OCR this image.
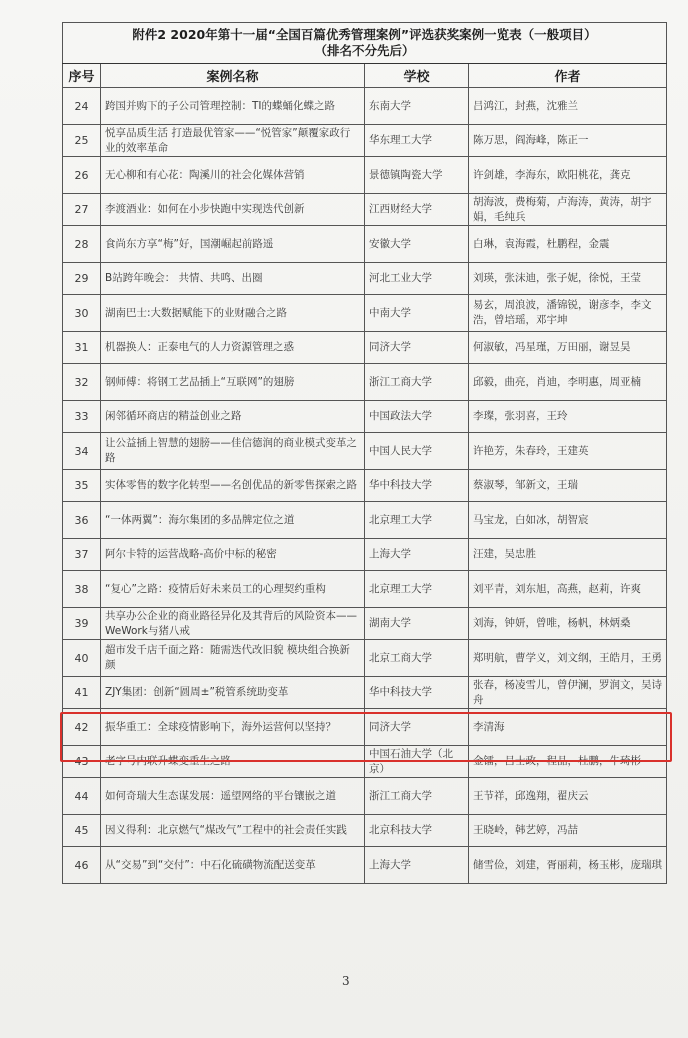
附件2 2020年第十一届“全国百篇优秀管理案例”评选获奖案例一览表（一般项目）
（排名不分先后）			

序号	案例名称	学校	作者
24	跨国并购下的子公司管理控制：TI的蝶蛹化蝶之路	东南大学	吕鸿江，封燕，沈雅兰
25	悦享品质生活 打造最优管家——“悦管家”颠覆家政行业的效率革命	华东理工大学	陈万思，阎海峰，陈正一
26	无心柳和有心花：陶溪川的社会化媒体营销	景德镇陶瓷大学	许剑雄，李海东，欧阳桃花，龚克
27	李渡酒业：如何在小步快跑中实现迭代创新	江西财经大学	胡海波，费梅菊，卢海涛，黄涛，胡宇娟，毛纯兵
28	食尚东方享“梅”好，国潮崛起前路遥	安徽大学	白琳，袁海霞，杜鹏程，金震
29	B站跨年晚会： 共情、共鸣、出圈	河北工业大学	刘瑛，张沫迪，张子妮，徐悦，王莹
30	湖南巴士:大数据赋能下的业财融合之路	中南大学	易玄，周浪波，潘锦锐，谢彦李，李文浩，曾培瑶，邓宇坤
31	机器换人：正泰电气的人力资源管理之惑	同济大学	何淑敏，冯星瑾，万田丽，谢昱昊
32	钢师傅：将钢工艺品插上“互联网”的翅膀	浙江工商大学	邱毅，曲亮，肖迪，李明惠，周亚楠
33	闲邻循环商店的精益创业之路	中国政法大学	李璨，张羽喜，王玲
34	让公益插上智慧的翅膀——佳信德润的商业模式变革之路	中国人民大学	许艳芳，朱春玲，王建英
35	实体零售的数字化转型——名创优品的新零售探索之路	华中科技大学	蔡淑琴，邹新文，王瑞
36	“一体两翼”：海尔集团的多品牌定位之道	北京理工大学	马宝龙，白如冰，胡智宸
37	阿尔卡特的运营战略-高价中标的秘密	上海大学	汪建，吴忠胜
38	“复心”之路：疫情后好未来员工的心理契约重构	北京理工大学	刘平青，刘东旭，高燕，赵莉，许爽
39	共享办公企业的商业路径异化及其背后的风险资本——WeWork与猪八戒	湖南大学	刘海，钟妍，曾唯，杨帆，林炳桑
40	超市发千店千面之路：随需迭代改旧貌 模块组合换新颜	北京工商大学	郑明航，曹学义，刘文纲，王皓月，王勇
41	ZJY集团：创新“圆周±”税管系统助变革	华中科技大学	张春，杨凌雪儿，曾伊澜，罗润文，吴诗舟
42	振华重工：全球疫情影响下，海外运营何以坚持？	同济大学	李清海
43	老字号内联升蝶变重生之路	中国石油大学（北京）	金镭，吕士政，程品，杜鹏，牛琦彬
44	如何奇瑞大生态谋发展：遥望网络的平台镶嵌之道	浙江工商大学	王节祥，邱逸翔，翟庆云
45	因义得利：北京燃气“煤改气”工程中的社会责任实践	北京科技大学	王晓岭，韩艺婷，冯喆
46	从“交易”到“交付”：中石化硫磺物流配送变革	上海大学	储雪俭，刘建，胥丽莉，杨玉彬，庞瑞琪
3
